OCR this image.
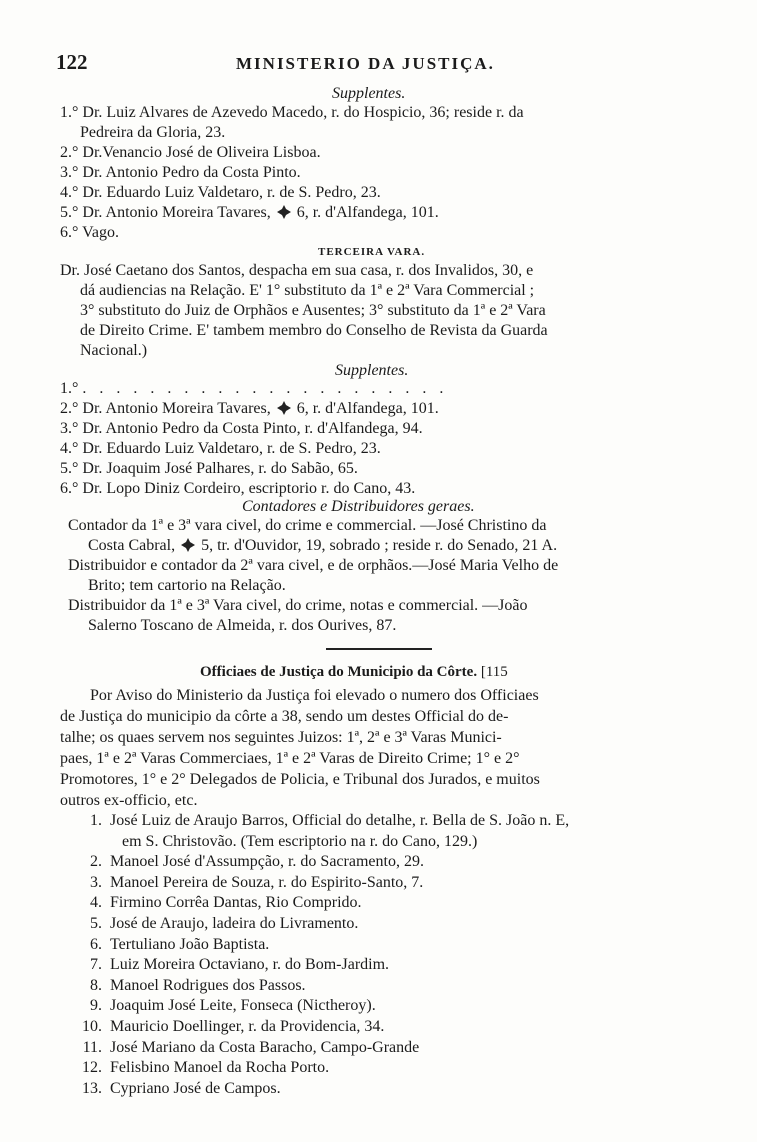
122	MINISTERIO DA JUSTIÇA.
Supplentes.
1.° Dr. Luiz Alvares de Azevedo Macedo, r. do Hospicio, 36; reside r. da
Pedreira da Gloria, 23.
2.° Dr.Venancio José de Oliveira Lisboa.
3.° Dr. Antonio Pedro da Costa Pinto.
4.° Dr. Eduardo Luiz Valdetaro, r. de S. Pedro, 23.
5.° Dr. Antonio Moreira Tavares, 6, r. d'Alfandega, 101.
6.° Vago.
TERCEIRA VARA.
Dr. José Caetano dos Santos, despacha em sua casa, r. dos Invalidos, 30, e
dá audiencias na Relação. E' 1° substituto da 1ª e 2ª Vara Commercial ;
3° substituto do Juiz de Orphãos e Ausentes; 3° substituto da 1ª e 2ª Vara
de Direito Crime. E' tambem membro do Conselho de Revista da Guarda
Nacional.)
Supplentes.
1.° ......................
2.° Dr. Antonio Moreira Tavares, 6, r. d'Alfandega, 101.
3.° Dr. Antonio Pedro da Costa Pinto, r. d'Alfandega, 94.
4.° Dr. Eduardo Luiz Valdetaro, r. de S. Pedro, 23.
5.° Dr. Joaquim José Palhares, r. do Sabão, 65.
6.° Dr. Lopo Diniz Cordeiro, escriptorio r. do Cano, 43.
Contadores e Distribuidores geraes.
Contador da 1ª e 3ª vara civel, do crime e commercial. —José Christino da
Costa Cabral, 5, tr. d'Ouvidor, 19, sobrado ; reside r. do Senado, 21 A.
Distribuidor e contador da 2ª vara civel, e de orphãos.—José Maria Velho de
Brito; tem cartorio na Relação.
Distribuidor da 1ª e 3ª Vara civel, do crime, notas e commercial. —João
Salerno Toscano de Almeida, r. dos Ourives, 87.
Officiaes de Justiça do Municipio da Côrte. [115
Por Aviso do Ministerio da Justiça foi elevado o numero dos Officiaes
de Justiça do municipio da côrte a 38, sendo um destes Official do de-
talhe; os quaes servem nos seguintes Juizos: 1ª, 2ª e 3ª Varas Munici-
paes, 1ª e 2ª Varas Commerciaes, 1ª e 2ª Varas de Direito Crime; 1° e 2°
Promotores, 1° e 2° Delegados de Policia, e Tribunal dos Jurados, e muitos
outros ex-officio, etc.
1. José Luiz de Araujo Barros, Official do detalhe, r. Bella de S. João n. E,
em S. Christovão. (Tem escriptorio na r. do Cano, 129.)
2. Manoel José d'Assumpção, r. do Sacramento, 29.
3. Manoel Pereira de Souza, r. do Espirito-Santo, 7.
4. Firmino Corrêa Dantas, Rio Comprido.
5. José de Araujo, ladeira do Livramento.
6. Tertuliano João Baptista.
7. Luiz Moreira Octaviano, r. do Bom-Jardim.
8. Manoel Rodrigues dos Passos.
9. Joaquim José Leite, Fonseca (Nictheroy).
10. Mauricio Doellinger, r. da Providencia, 34.
11. José Mariano da Costa Baracho, Campo-Grande
12. Felisbino Manoel da Rocha Porto.
13. Cypriano José de Campos.
